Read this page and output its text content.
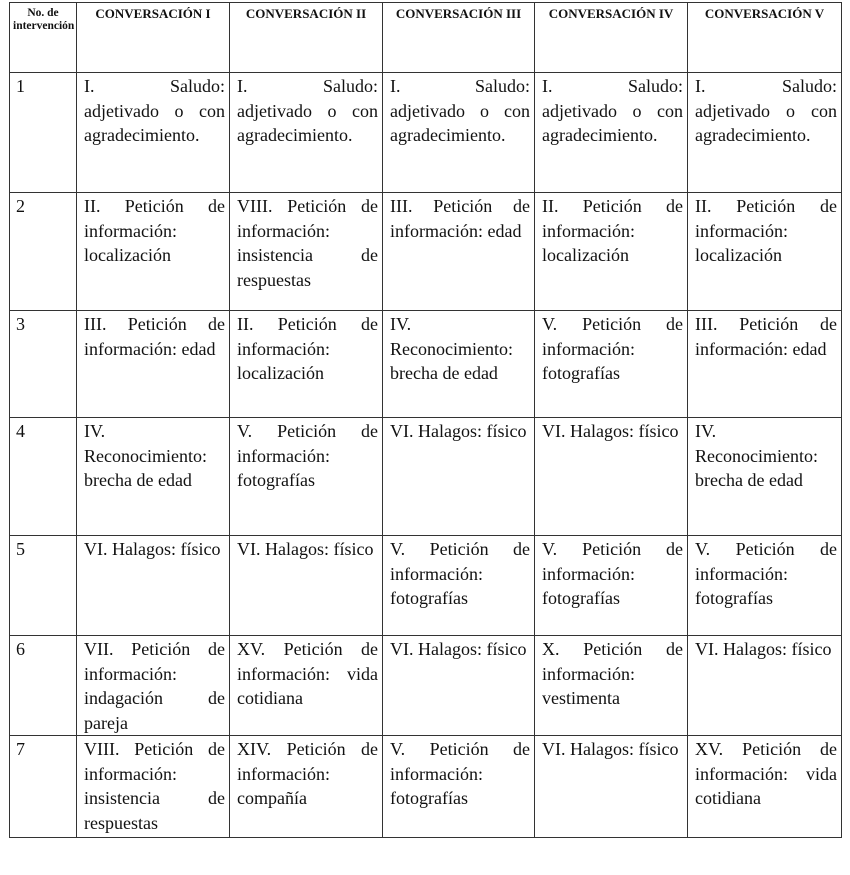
No. de intervención	CONVERSACIÓN I	CONVERSACIÓN II	CONVERSACIÓN III	CONVERSACIÓN IV	CONVERSACIÓN V
1	I. Saludo: adjetivado o con agradecimiento.	I. Saludo: adjetivado o con agradecimiento.	I. Saludo: adjetivado o con agradecimiento.	I. Saludo: adjetivado o con agradecimiento.	I. Saludo: adjetivado o con agradecimiento.
2	II. Petición de información: localización	VIII. Petición de información: insistencia de respuestas	III. Petición de información: edad	II. Petición de información: localización	II. Petición de información: localización
3	III. Petición de información: edad	II. Petición de información: localización	IV. Reconocimiento: brecha de edad	V. Petición de información: fotografías	III. Petición de información: edad
4	IV. Reconocimiento: brecha de edad	V. Petición de información: fotografías	VI. Halagos: físico	VI. Halagos: físico	IV. Reconocimiento: brecha de edad
5	VI. Halagos: físico	VI. Halagos: físico	V. Petición de información: fotografías	V. Petición de información: fotografías	V. Petición de información: fotografías
6	VII. Petición de información: indagación de pareja	XV. Petición de información: vida cotidiana	VI. Halagos: físico	X. Petición de información: vestimenta	VI. Halagos: físico
7	VIII. Petición de información: insistencia de respuestas	XIV. Petición de información: compañía	V. Petición de información: fotografías	VI. Halagos: físico	XV. Petición de información: vida cotidiana
